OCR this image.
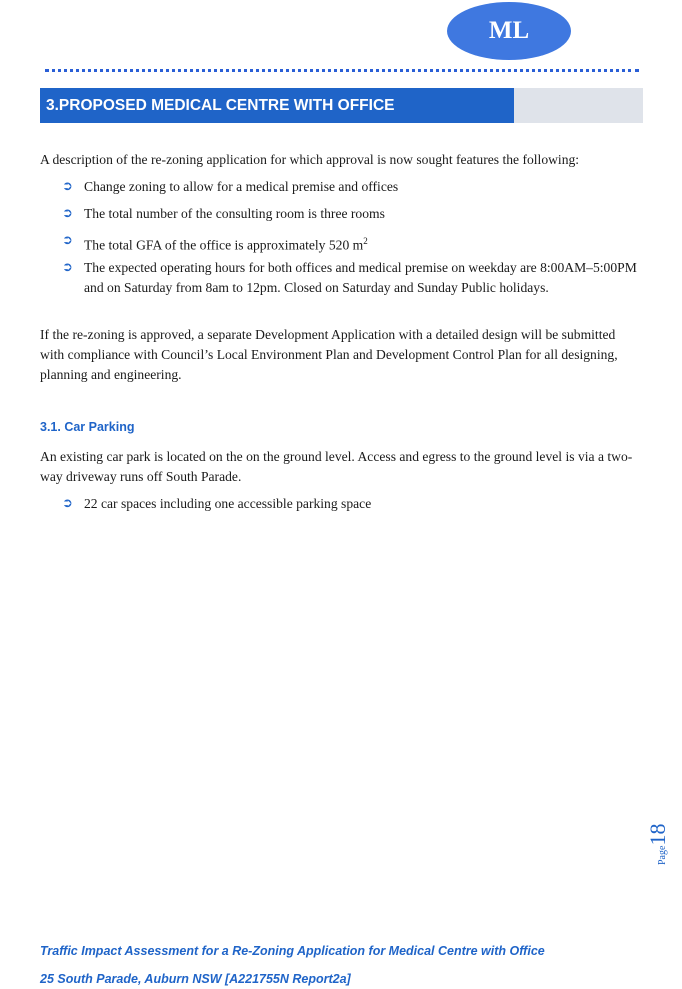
ML
3.PROPOSED MEDICAL CENTRE WITH OFFICE
A description of the re-zoning application for which approval is now sought features the following:
➲ Change zoning to allow for a medical premise and offices
➲ The total number of the consulting room is three rooms
➲ The total GFA of the office is approximately 520 $m^2$
➲ The expected operating hours for both offices and medical premise on weekday are 8:00AM–5:00PM and on Saturday from 8am to 12pm. Closed on Saturday and Sunday Public holidays.
If the re-zoning is approved, a separate Development Application with a detailed design will be submitted with compliance with Council’s Local Environment Plan and Development Control Plan for all designing, planning and engineering.
3.1. Car Parking
An existing car park is located on the on the ground level. Access and egress to the ground level is via a two-way driveway runs off South Parade.
➲ 22 car spaces including one accessible parking space
Page18
Traffic Impact Assessment for a Re-Zoning Application for Medical Centre with Office
25 South Parade, Auburn NSW [A221755N Report2a]
